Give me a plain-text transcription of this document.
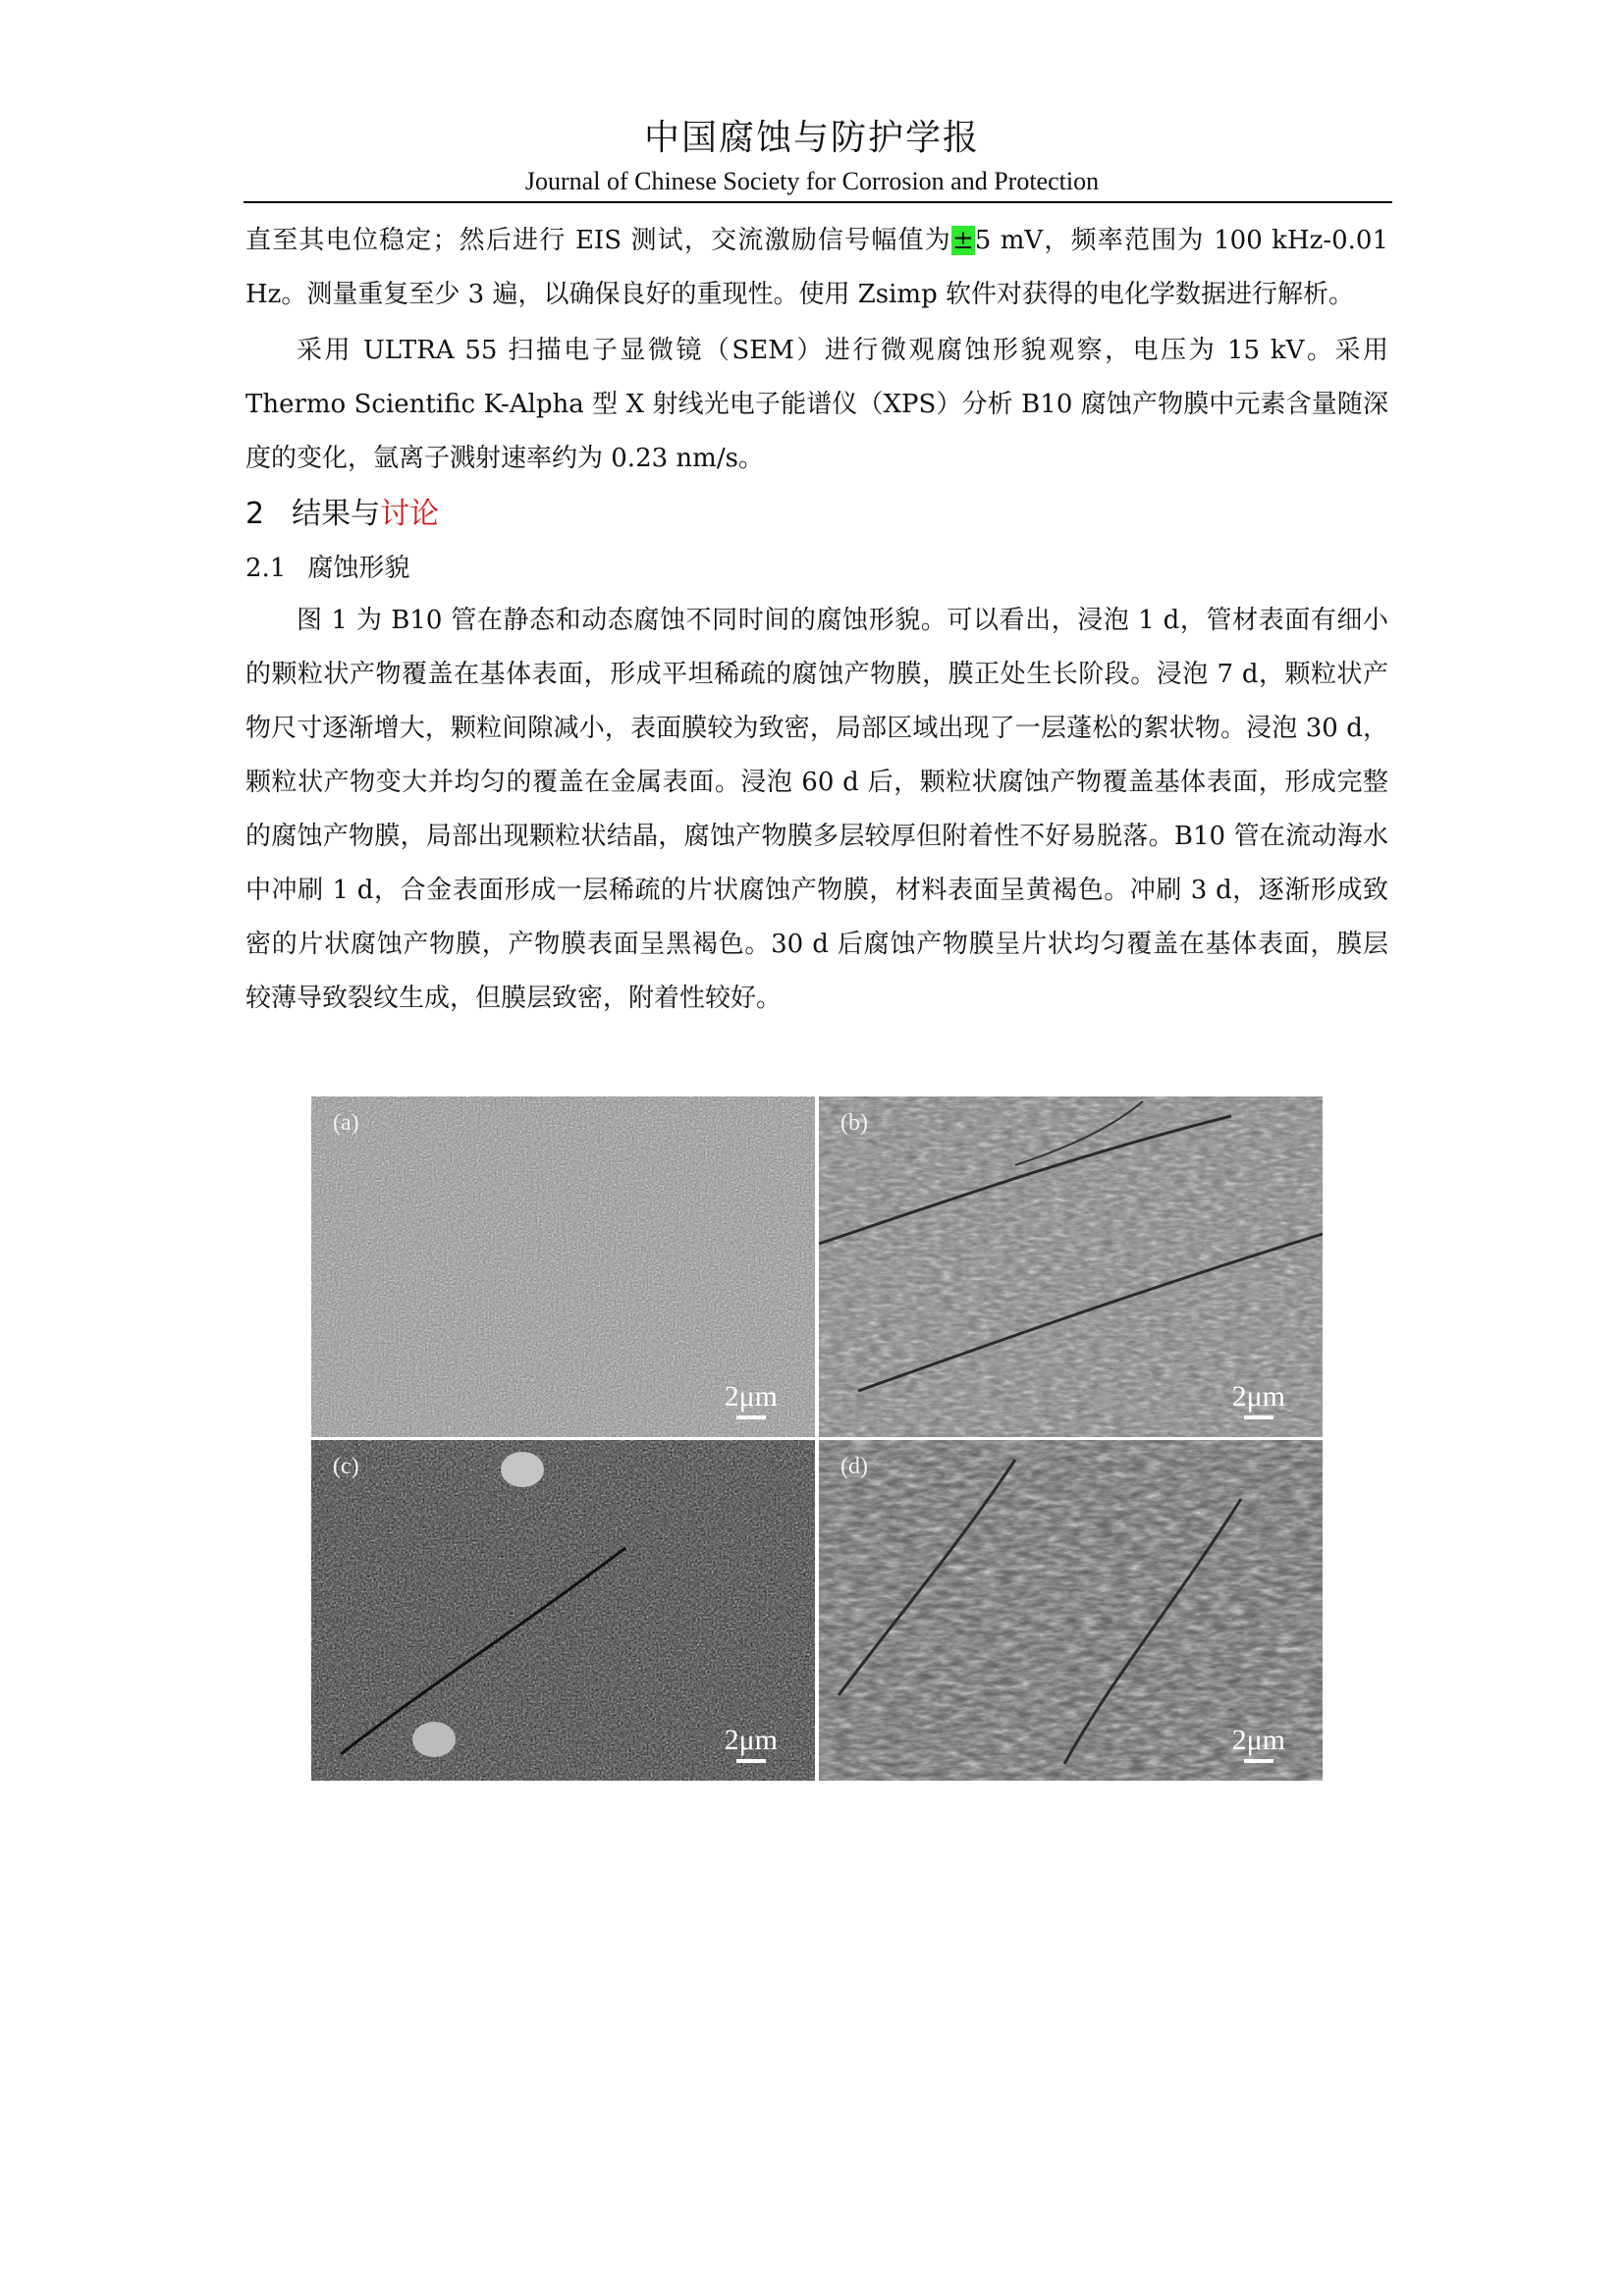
中国腐蚀与防护学报
Journal of Chinese Society for Corrosion and Protection

直至其电位稳定；然后进行 EIS 测试，交流激励信号幅值为±5 mV，频率范围为 100 kHz-0.01 Hz。测量重复至少 3 遍，以确保良好的重现性。使用 Zsimp 软件对获得的电化学数据进行解析。

采用 ULTRA 55 扫描电子显微镜（SEM）进行微观腐蚀形貌观察，电压为 15 kV。采用 Thermo Scientific K-Alpha 型 X 射线光电子能谱仪（XPS）分析 B10 腐蚀产物膜中元素含量随深度的变化，氩离子溅射速率约为 0.23 nm/s。

2 结果与讨论

2.1 腐蚀形貌

图 1 为 B10 管在静态和动态腐蚀不同时间的腐蚀形貌。可以看出，浸泡 1 d，管材表面有细小的颗粒状产物覆盖在基体表面，形成平坦稀疏的腐蚀产物膜，膜正处生长阶段。浸泡 7 d，颗粒状产物尺寸逐渐增大，颗粒间隙减小，表面膜较为致密，局部区域出现了一层蓬松的絮状物。浸泡 30 d，颗粒状产物变大并均匀的覆盖在金属表面。浸泡 60 d 后，颗粒状腐蚀产物覆盖基体表面，形成完整的腐蚀产物膜，局部出现颗粒状结晶，腐蚀产物膜多层较厚但附着性不好易脱落。B10 管在流动海水中冲刷 1 d，合金表面形成一层稀疏的片状腐蚀产物膜，材料表面呈黄褐色。冲刷 3 d，逐渐形成致密的片状腐蚀产物膜，产物膜表面呈黑褐色。30 d 后腐蚀产物膜呈片状均匀覆盖在基体表面，膜层 较薄导致裂纹生成，但膜层致密，附着性较好。

(a)
2μm
(b)
2μm
(c)
2μm
(d)
2μm
